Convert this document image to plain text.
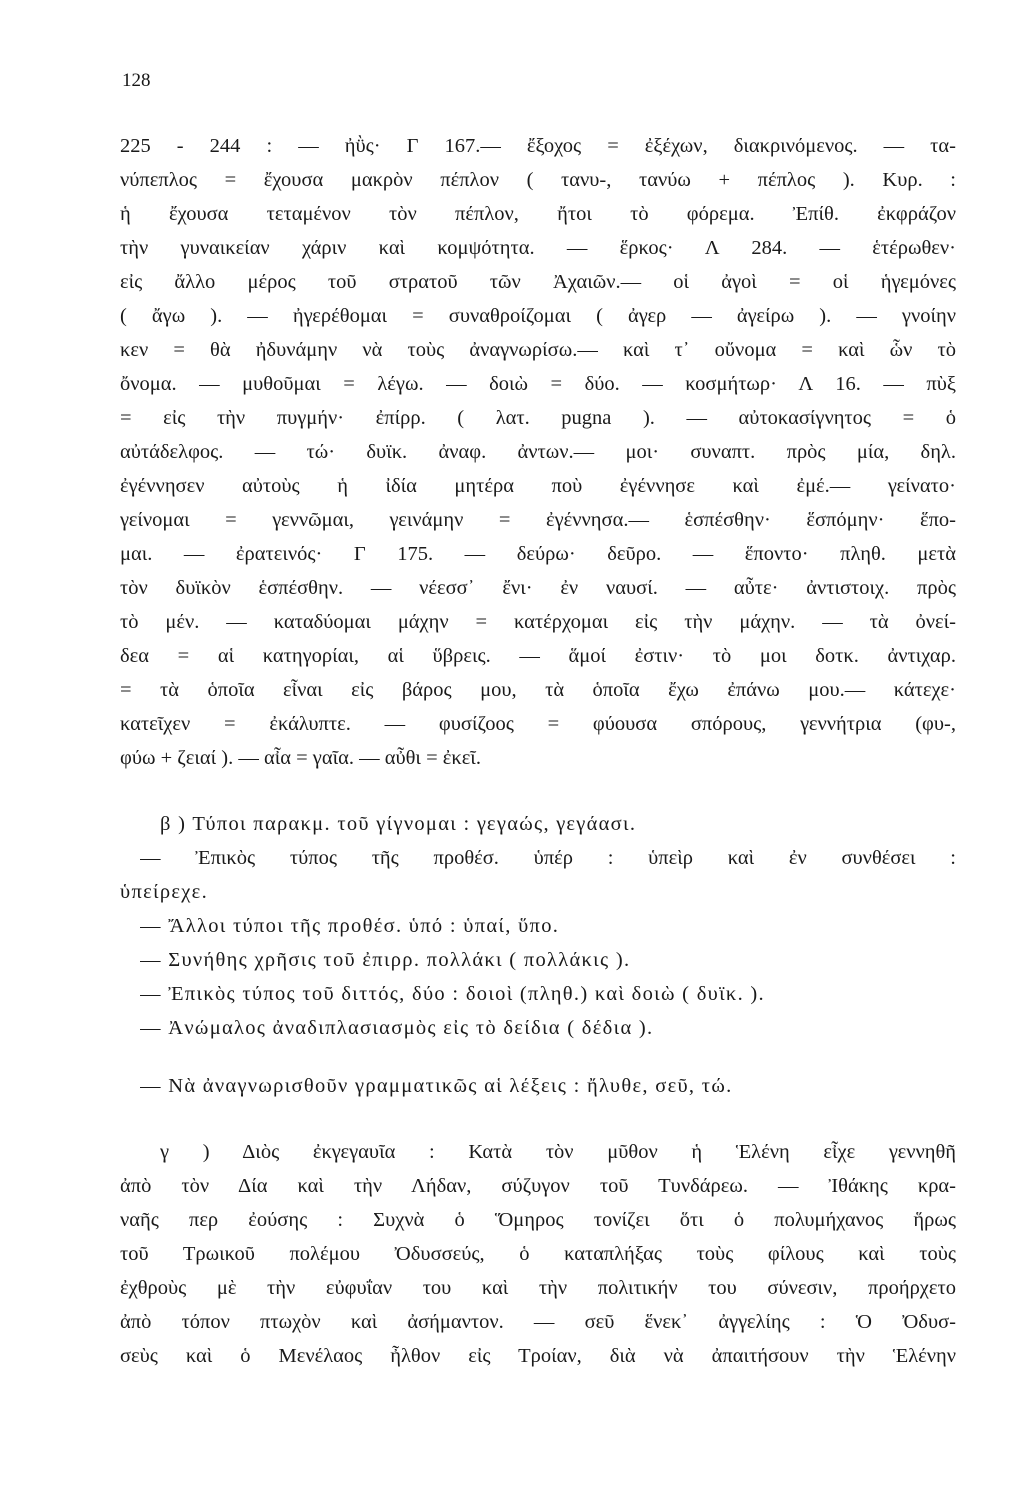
128
225 - 244 : — ἠῢς· Γ 167.— ἔξοχος = ἐξέχων, διακρινόμενος. — τα-
νύπεπλος = ἔχουσα μακρὸν πέπλον ( τανυ-, τανύω + πέπλος ). Κυρ. :
ἡ ἔχουσα τεταμένον τὸν πέπλον, ἤτοι τὸ φόρεμα. Ἐπίθ. ἐκφράζον
τὴν γυναικείαν χάριν καὶ κομψότητα. — ἕρκος· Λ 284. — ἑτέρωθεν·
εἰς ἄλλο μέρος τοῦ στρατοῦ τῶν Ἀχαιῶν.— οἱ ἀγοὶ = οἱ ἡγεμόνες
( ἄγω ). — ἠγερέθομαι = συναθροίζομαι ( ἀγερ — ἀγείρω ). — γνοίην
κεν = θὰ ἠδυνάμην νὰ τοὺς ἀναγνωρίσω.— καὶ τ᾽ οὔνομα = καὶ ὧν τὸ
ὄνομα. — μυθοῦμαι = λέγω. — δοιὼ = δύο. — κοσμήτωρ· Λ 16. — πὺξ
= εἰς τὴν πυγμήν· ἐπίρρ. ( λατ. pugna ). — αὐτοκασίγνητος = ὁ
αὐτάδελφος. — τώ· δυϊκ. ἀναφ. ἀντων.— μοι· συναπτ. πρὸς μία, δηλ.
ἐγέννησεν αὐτοὺς ἡ ἰδία μητέρα ποὺ ἐγέννησε καὶ ἐμέ.— γείνατο·
γείνομαι = γεννῶμαι, γεινάμην = ἐγέννησα.— ἑσπέσθην· ἕσπόμην· ἕπο-
μαι. — ἐρατεινός· Γ 175. — δεύρω· δεῦρο. — ἕποντο· πληθ. μετὰ
τὸν δυϊκὸν ἑσπέσθην. — νέεσσ᾽ ἔνι· ἐν ναυσί. — αὖτε· ἀντιστοιχ. πρὸς
τὸ μέν. — καταδύομαι μάχην = κατέρχομαι εἰς τὴν μάχην. — τὰ ὀνεί-
δεα = αἱ κατηγορίαι, αἱ ὕβρεις. — ἅμοί ἐστιν· τὸ μοι δοτκ. ἀντιχαρ.
= τὰ ὁποῖα εἶναι εἰς βάρος μου, τὰ ὁποῖα ἔχω ἐπάνω μου.— κάτεχε·
κατεῖχεν = ἐκάλυπτε. — φυσίζοος = φύουσα σπόρους, γεννήτρια (φυ-,
φύω + ζειαί ). — αἶα = γαῖα. — αὖθι = ἐκεῖ.
β ) Τύποι παρακμ. τοῦ γίγνομαι : γεγαώς, γεγάασι.
— Ἐπικὸς τύπος τῆς προθέσ. ὑπέρ : ὑπεὶρ καὶ ἐν συνθέσει :
ὑπείρεχε.
— Ἄλλοι τύποι τῆς προθέσ. ὑπό : ὑπαί, ὕπο.
— Συνήθης χρῆσις τοῦ ἐπιρρ. πολλάκι ( πολλάκις ).
— Ἐπικὸς τύπος τοῦ διττός, δύο : δοιοὶ (πληθ.) καὶ δοιὼ ( δυϊκ. ).
— Ἀνώμαλος ἀναδιπλασιασμὸς εἰς τὸ δείδια ( δέδια ).
— Νὰ ἀναγνωρισθοῦν γραμματικῶς αἱ λέξεις : ἤλυθε, σεῦ, τώ.
γ ) Διὸς ἐκγεγαυῖα : Κατὰ τὸν μῦθον ἡ Ἑλένη εἶχε γεννηθῆ
ἀπὸ τὸν Δία καὶ τὴν Λήδαν, σύζυγον τοῦ Τυνδάρεω. — Ἰθάκης κρα-
ναῆς περ ἐούσης : Συχνὰ ὁ Ὅμηρος τονίζει ὅτι ὁ πολυμήχανος ἥρως
τοῦ Τρωικοῦ πολέμου Ὀδυσσεύς, ὁ καταπλήξας τοὺς φίλους καὶ τοὺς
ἐχθροὺς μὲ τὴν εὐφυΐαν του καὶ τὴν πολιτικήν του σύνεσιν, προήρχετο
ἀπὸ τόπον πτωχὸν καὶ ἀσήμαντον. — σεῦ ἕνεκ᾽ ἀγγελίης : Ὁ Ὀδυσ-
σεὺς καὶ ὁ Μενέλαος ἦλθον εἰς Τροίαν, διὰ νὰ ἀπαιτήσουν τὴν Ἑλένην
